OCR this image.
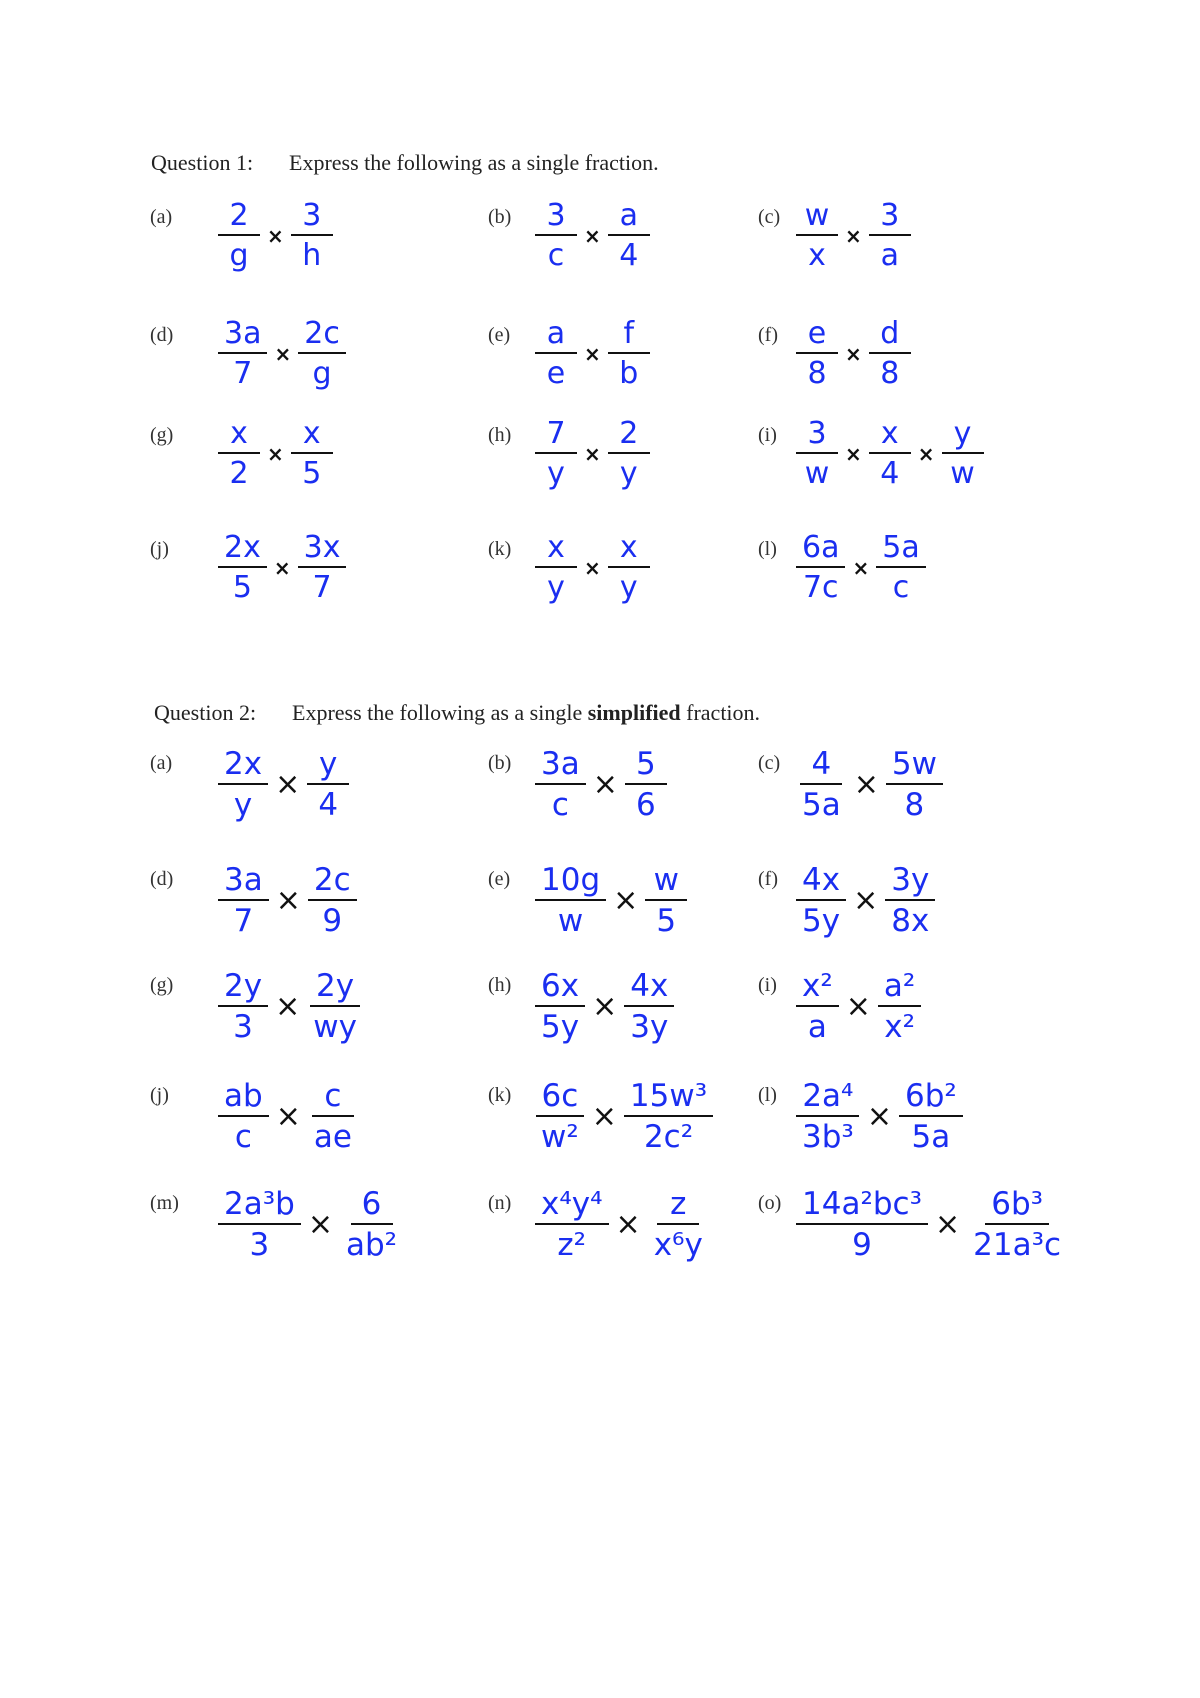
Question 1: Express the following as a single fraction.
Question 2: Express the following as a single simplified fraction.
$(a) \frac{2}{g} \times \frac{3}{h}$	$(b) \frac{3}{c} \times \frac{a}{4}$	$(c) \frac{w}{x} \times \frac{3}{a}$
$(d) \frac{3a}{7} \times \frac{2c}{g}$	$(e) \frac{a}{e} \times \frac{f}{b}$	$(f) \frac{e}{8} \times \frac{d}{8}$
$(g) \frac{x}{2} \times \frac{x}{5}$	$(h) \frac{7}{y} \times \frac{2}{y}$	$(i) \frac{3}{w} \times \frac{x}{4} \times \frac{y}{w}$
$(j) \frac{2x}{5} \times \frac{3x}{7}$	$(k) \frac{x}{y} \times \frac{x}{y}$	$(l) \frac{6a}{7c} \times \frac{5a}{c}$
$(a) \frac{2x}{y} \times \frac{y}{4}$	$(b) \frac{3a}{c} \times \frac{5}{6}$	$(c) \frac{4}{5a} \times \frac{5w}{8}$
$(d) \frac{3a}{7} \times \frac{2c}{9}$	$(e) \frac{10g}{w} \times \frac{w}{5}$	$(f) \frac{4x}{5y} \times \frac{3y}{8x}$
$(g) \frac{2y}{3} \times \frac{2y}{wy}$	$(h) \frac{6x}{5y} \times \frac{4x}{3y}$	$(i) \frac{\text{x²}}{a} \times \frac{\text{a²}}{\text{x²}}$
$(j) \frac{ab}{c} \times \frac{c}{ae}$	$(k) \frac{6c}{\text{w²}} \times \frac{\text{15w³}}{\text{2c²}} (l) \frac{\text{2a⁴}}{\text{3b³}} \times \frac{\text{6b²}}{5a}$
$(m) \frac{\text{2a³b}}{3} \times \frac{6}{\text{ab²}}$	$(n) \frac{\text{x⁴y⁴}}{\text{z²}} \times \frac{z}{\text{x⁶y}} (o) \frac{\text{14a²bc³}}{9} \times \frac{\text{6b³}}{\text{21a³c}}$
